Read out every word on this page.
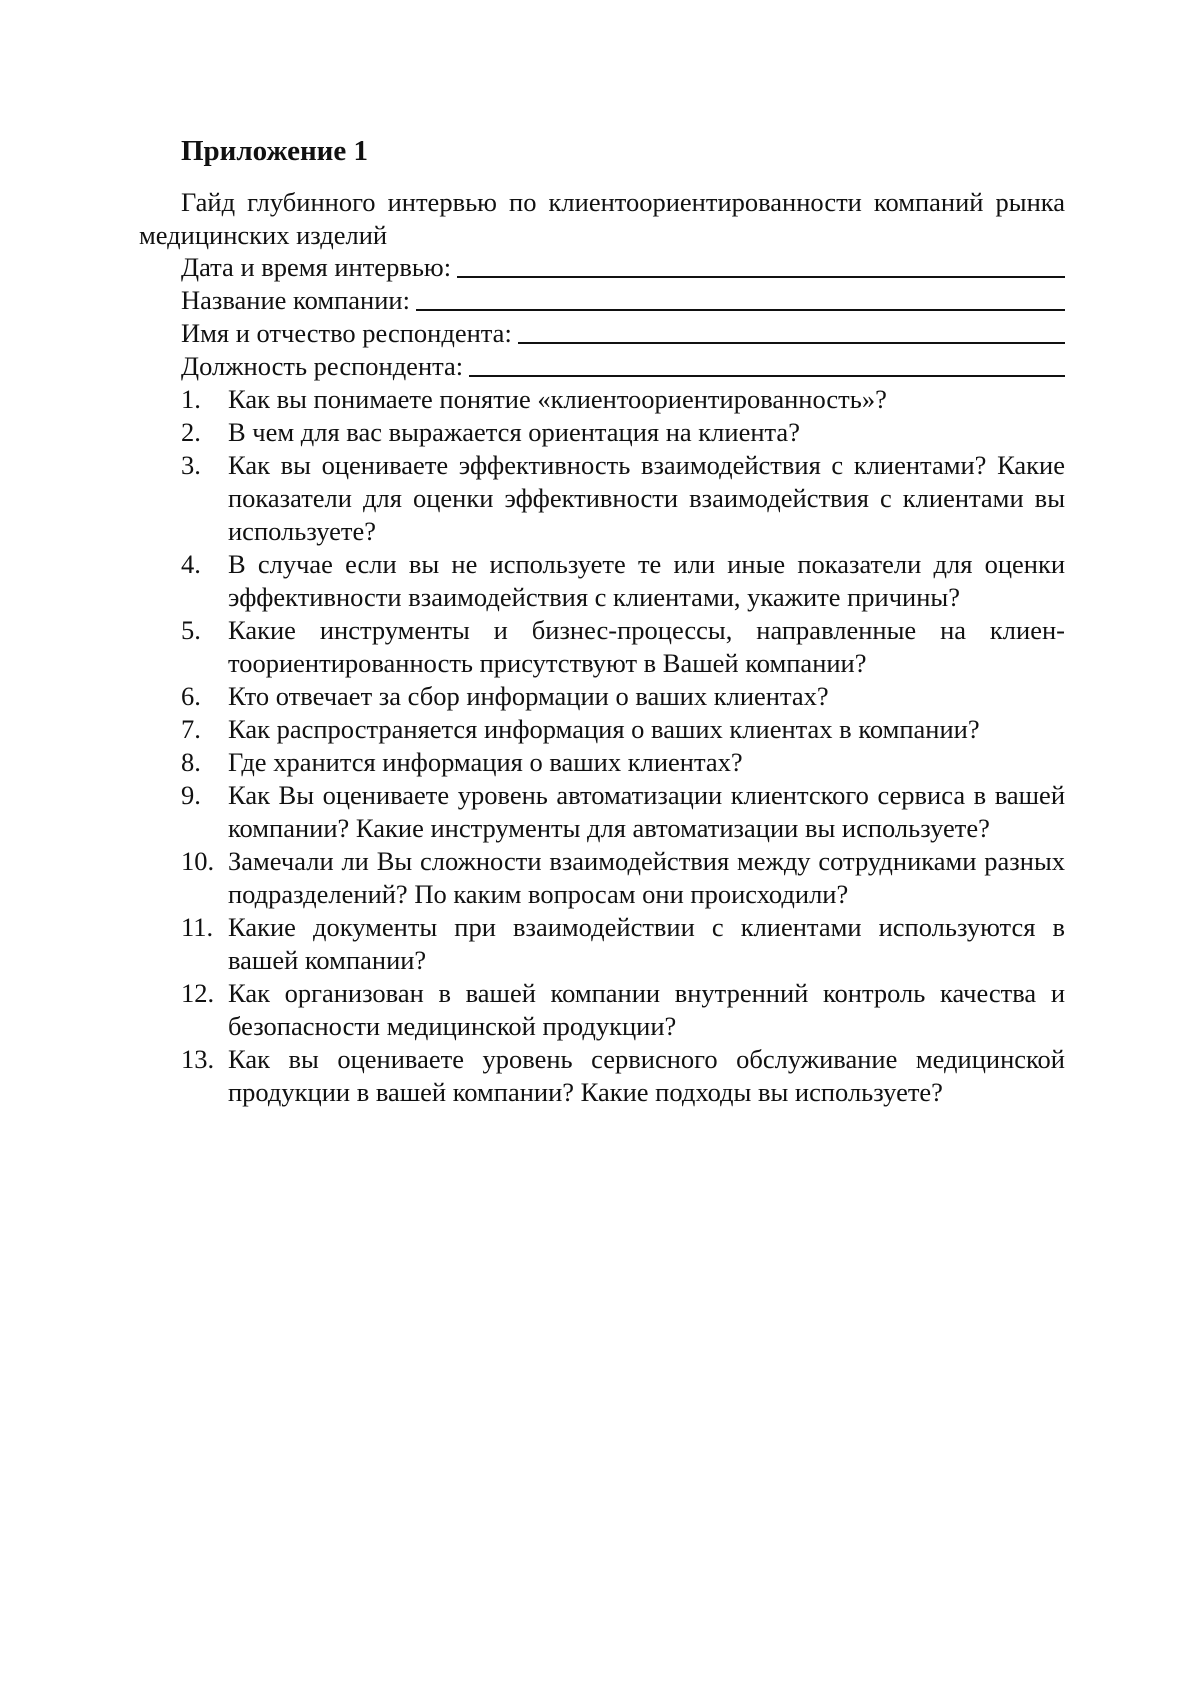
Приложение 1

Гайд глубинного интервью по клиентоориентированности компаний рынка медицинских изделий

Дата и время интервью:
Название компании:
Имя и отчество респондента:
Должность респондента:
1.	Как вы понимаете понятие «клиентоориентированность»?
2.	В чем для вас выражается ориентация на клиента?
3.	Как вы оцениваете эффективность взаимодействия с клиентами? Какие показатели для оценки эффективности взаимодействия с клиентами вы используете?
4.	В случае если вы не используете те или иные показатели для оценки эффективности взаимодействия с клиентами, укажите причины?
5.	Какие инструменты и бизнес-процессы, направленные на клиентоориентированность присутствуют в Вашей компании?
6.	Кто отвечает за сбор информации о ваших клиентах?
7.	Как распространяется информация о ваших клиентах в компании?
8.	Где хранится информация о ваших клиентах?
9.	Как Вы оцениваете уровень автоматизации клиентского сервиса в вашей компании? Какие инструменты для автоматизации вы используете?
10. Замечали ли Вы сложности взаимодействия между сотрудниками разных подразделений? По каким вопросам они происходили?
11. Какие документы при взаимодействии с клиентами используются в вашей компании?
12. Как организован в вашей компании внутренний контроль качества и безопасности медицинской продукции?
13. Как вы оцениваете уровень сервисного обслуживание медицинской продукции в вашей компании? Какие подходы вы используете?
